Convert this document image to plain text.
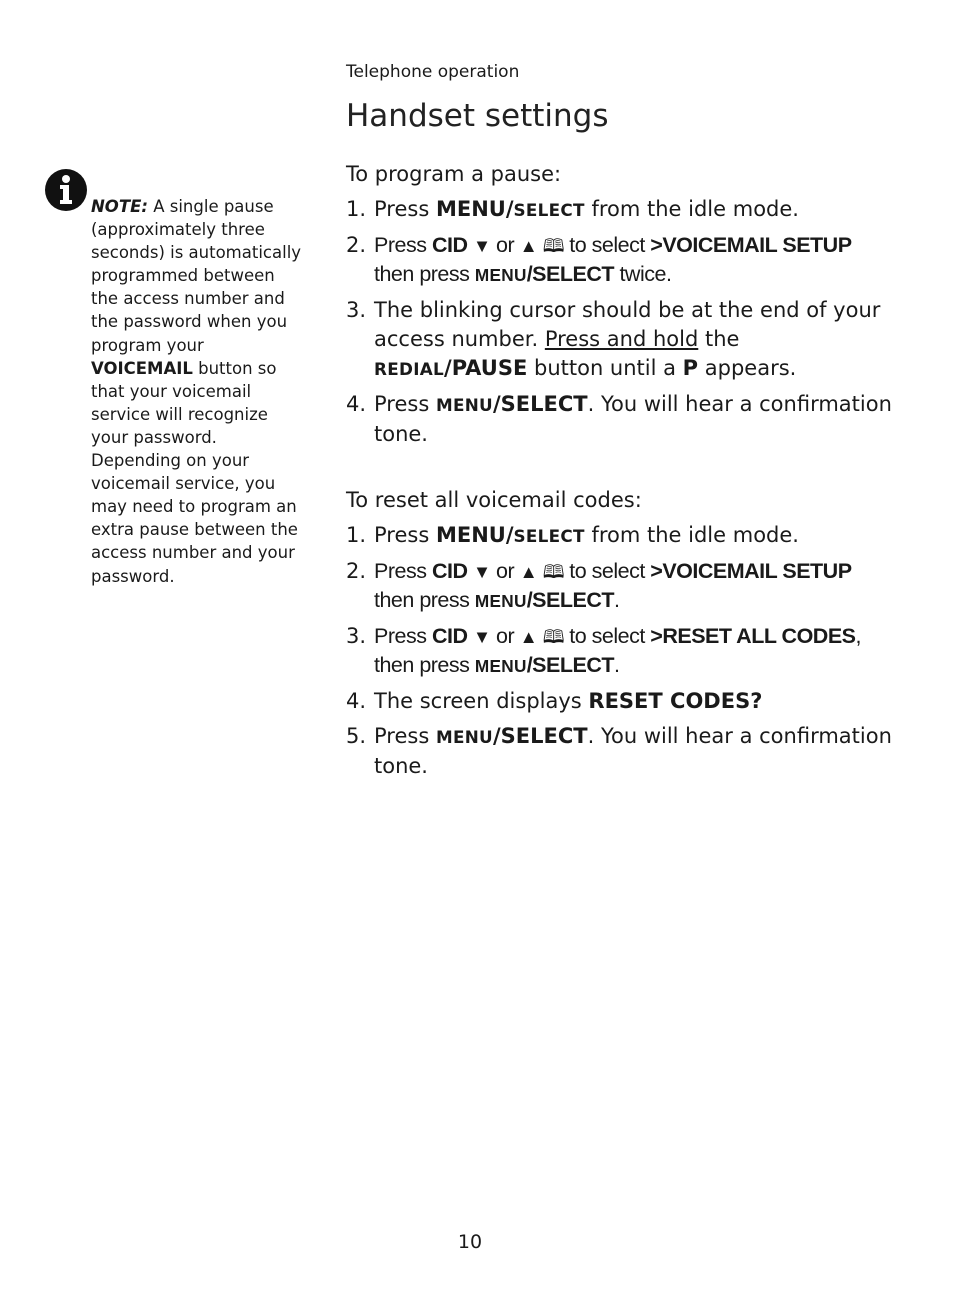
Telephone operation
Handset settings

NOTE: A single pause (approximately three seconds) is automatically programmed between the access number and the password when you program your VOICEMAIL button so that your voicemail service will recognize your password. Depending on your voicemail service, you may need to program an extra pause between the access number and your password.

To program a pause:

1. Press MENU/SELECT from the idle mode.
2. Press CID ▼ or ▲ 🕮 to select >VOICEMAIL SETUP then press MENU/SELECT twice.
3. The blinking cursor should be at the end of your access number. Press and hold the REDIAL/PAUSE button until a P appears.
4. Press MENU/SELECT. You will hear a confirmation tone.

To reset all voicemail codes:

1. Press MENU/SELECT from the idle mode.
2. Press CID ▼ or ▲ 🕮 to select >VOICEMAIL SETUP then press MENU/SELECT.
3. Press CID ▼ or ▲ 🕮 to select >RESET ALL CODES, then press MENU/SELECT.
4. The screen displays RESET CODES?
5. Press MENU/SELECT. You will hear a confirmation tone.
10
